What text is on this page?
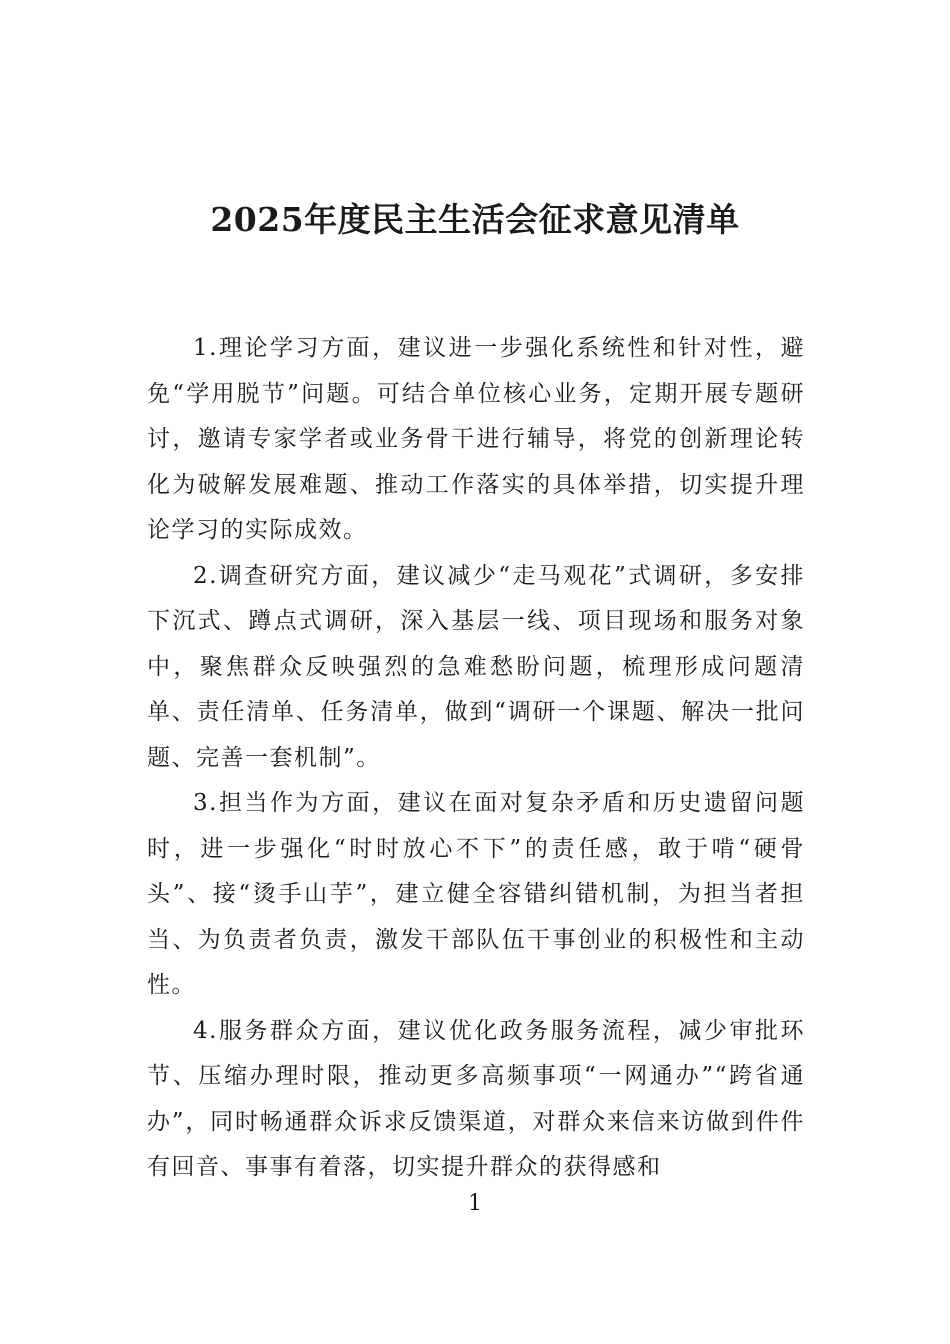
2025年度民主生活会征求意见清单

1.理论学习方面，建议进一步强化系统性和针对性，避免“学用脱节”问题。可结合单位核心业务，定期开展专题研讨，邀请专家学者或业务骨干进行辅导，将党的创新理论转化为破解发展难题、推动工作落实的具体举措，切实提升理论学习的实际成效。

2.调查研究方面，建议减少“走马观花”式调研，多安排下沉式、蹲点式调研，深入基层一线、项目现场和服务对象中，聚焦群众反映强烈的急难愁盼问题，梳理形成问题清单、责任清单、任务清单，做到“调研一个课题、解决一批问题、完善一套机制”。

3.担当作为方面，建议在面对复杂矛盾和历史遗留问题时，进一步强化“时时放心不下”的责任感，敢于啃“硬骨头”、接“烫手山芋”，建立健全容错纠错机制，为担当者担当、为负责者负责，激发干部队伍干事创业的积极性和主动性。

4.服务群众方面，建议优化政务服务流程，减少审批环节、压缩办理时限，推动更多高频事项“一网通办”“跨省通办”，同时畅通群众诉求反馈渠道，对群众来信来访做到件件有回音、事事有着落，切实提升群众的获得感和

1
